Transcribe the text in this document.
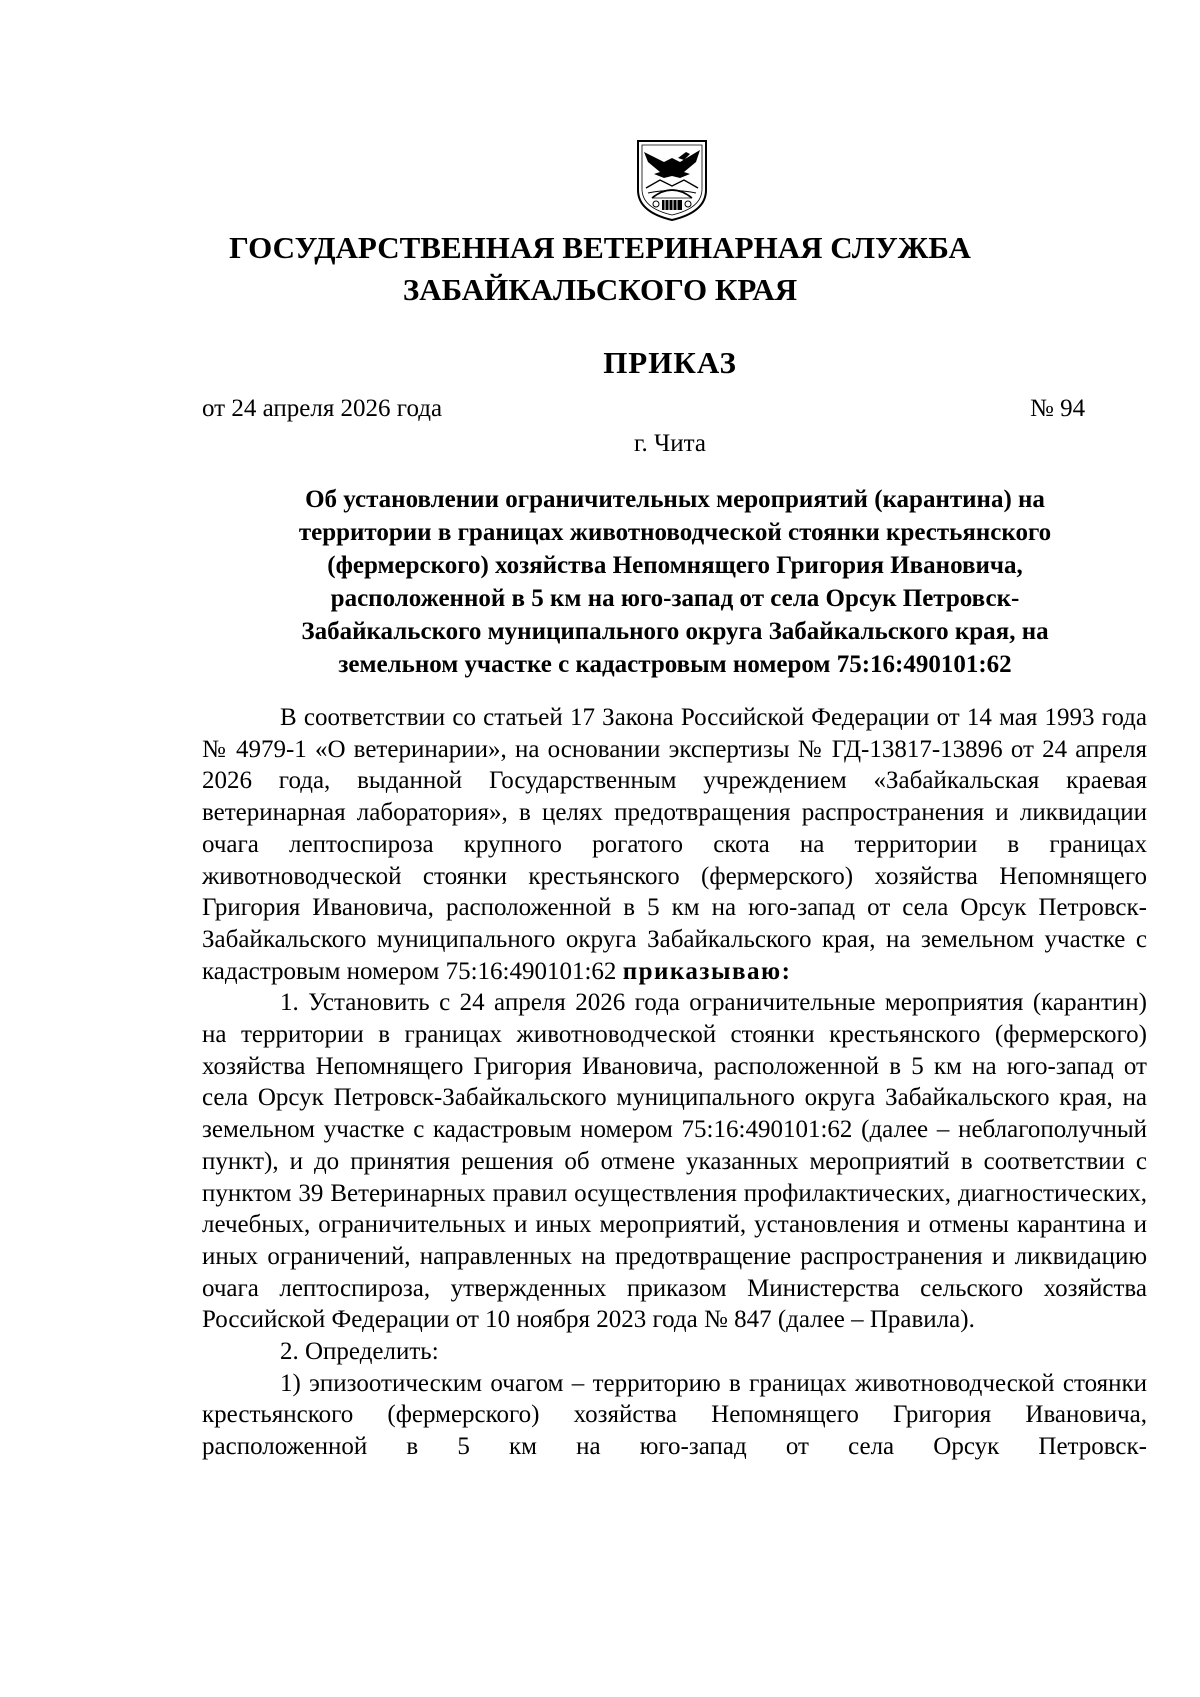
ГОСУДАРСТВЕННАЯ ВЕТЕРИНАРНАЯ СЛУЖБА
ЗАБАЙКАЛЬСКОГО КРАЯ
ПРИКАЗ
от 24 апреля 2026 года	№ 94
г. Чита
Об установлении ограничительных мероприятий (карантина) на
территории в границах животноводческой стоянки крестьянского
(фермерского) хозяйства Непомнящего Григория Ивановича,
расположенной в 5 км на юго-запад от села Орсук Петровск-
Забайкальского муниципального округа Забайкальского края, на
земельном участке с кадастровым номером 75:16:490101:62

В соответствии со статьей 17 Закона Российской Федерации от 14 мая 1993 года № 4979-1 «О ветеринарии», на основании экспертизы № ГД-13817-13896 от 24 апреля 2026 года, выданной Государственным учреждением «Забайкальская краевая ветеринарная лаборатория», в целях предотвращения распространения и ликвидации очага лептоспироза крупного рогатого скота на территории в границах животноводческой стоянки крестьянского (фермерского) хозяйства Непомнящего Григория Ивановича, расположенной в 5 км на юго-запад от села Орсук Петровск-Забайкальского муниципального округа Забайкальского края, на земельном участке с кадастровым номером 75:16:490101:62 приказываю:

1. Установить с 24 апреля 2026 года ограничительные мероприятия (карантин) на территории в границах животноводческой стоянки крестьянского (фермерского) хозяйства Непомнящего Григория Ивановича, расположенной в 5 км на юго-запад от села Орсук Петровск-Забайкальского муниципального округа Забайкальского края, на земельном участке с кадастровым номером 75:16:490101:62 (далее – неблагополучный пункт), и до принятия решения об отмене указанных мероприятий в соответствии с пунктом 39 Ветеринарных правил осуществления профилактических, диагностических, лечебных, ограничительных и иных мероприятий, установления и отмены карантина и иных ограничений, направленных на предотвращение распространения и ликвидацию очага лептоспироза, утвержденных приказом Министерства сельского хозяйства Российской Федерации от 10 ноября 2023 года № 847 (далее – Правила).

2. Определить:

1) эпизоотическим очагом – территорию в границах животноводческой стоянки крестьянского (фермерского) хозяйства Непомнящего Григория Ивановича, расположенной в 5 км на юго-запад от села Орсук Петровск-
